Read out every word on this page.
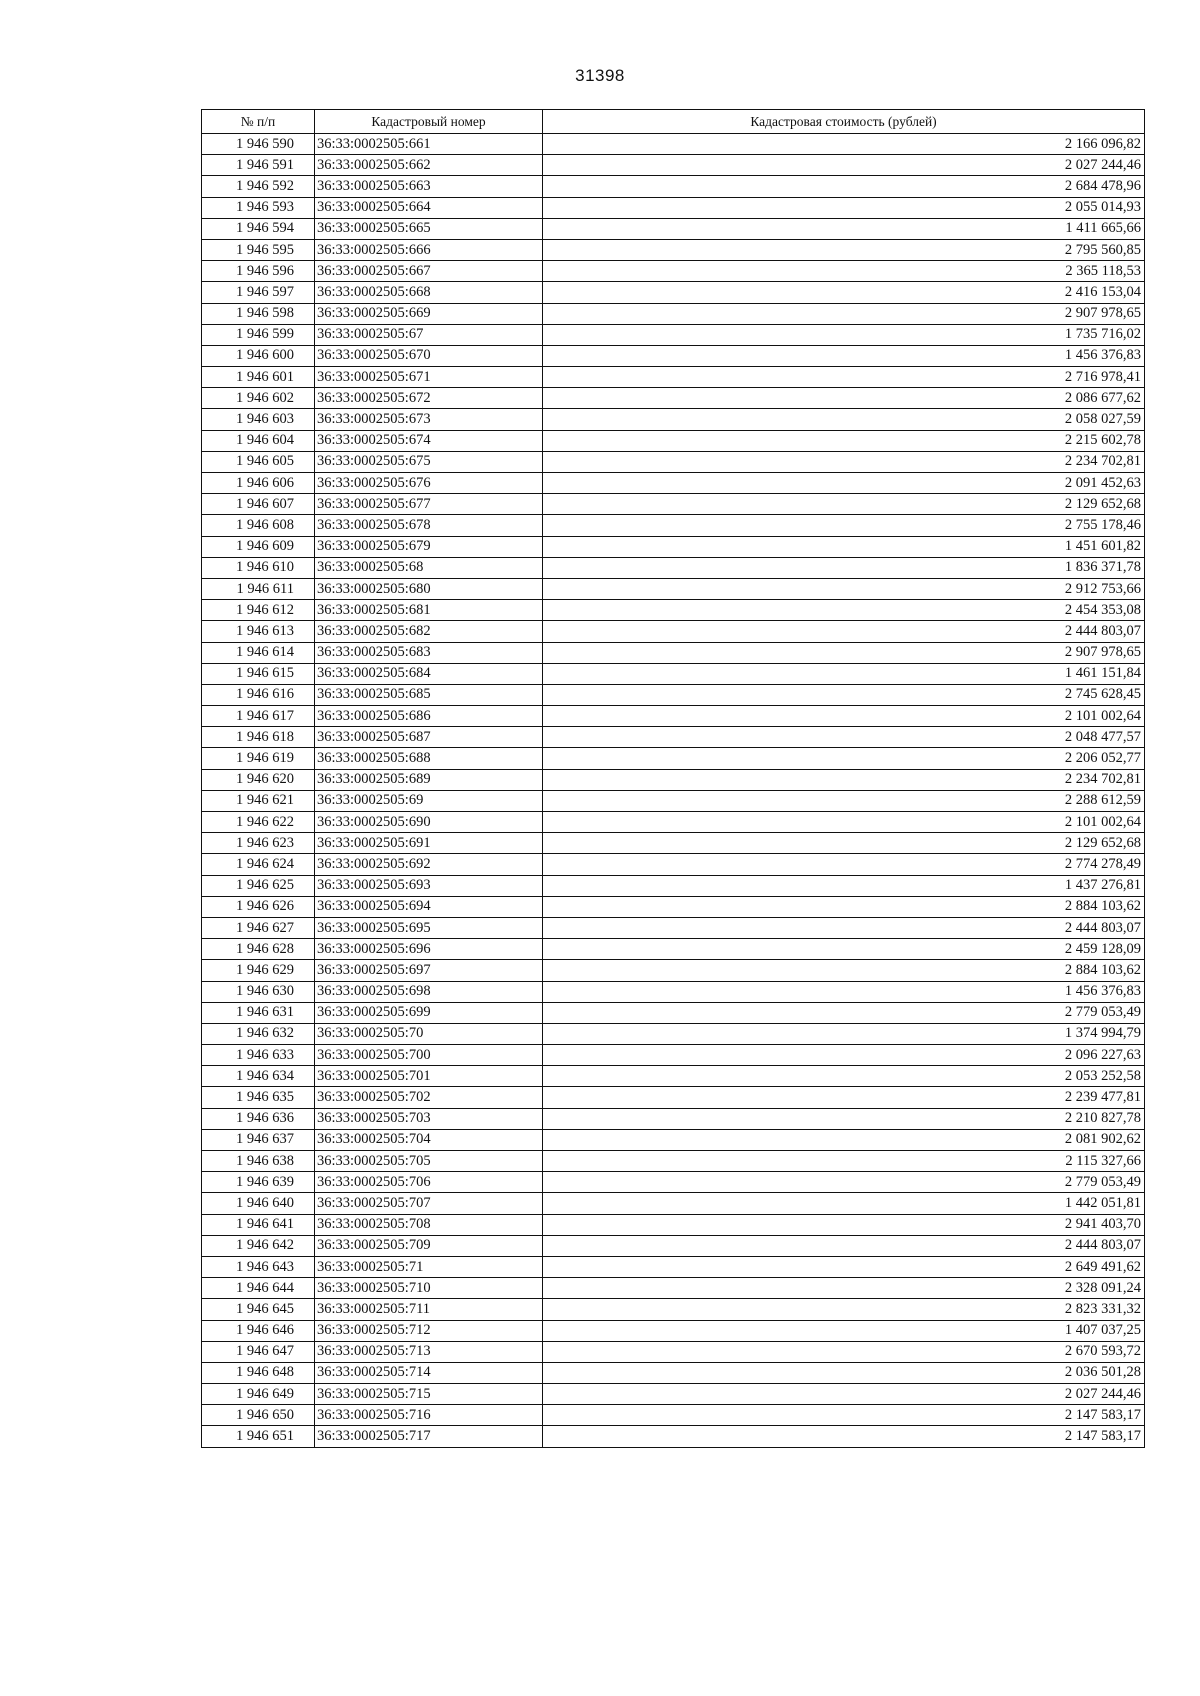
31398
№ п/п	Кадастровый номер	Кадастровая стоимость (рублей)
1 946 590	36:33:0002505:661	2 166 096,82
1 946 591	36:33:0002505:662	2 027 244,46
1 946 592	36:33:0002505:663	2 684 478,96
1 946 593	36:33:0002505:664	2 055 014,93
1 946 594	36:33:0002505:665	1 411 665,66
1 946 595	36:33:0002505:666	2 795 560,85
1 946 596	36:33:0002505:667	2 365 118,53
1 946 597	36:33:0002505:668	2 416 153,04
1 946 598	36:33:0002505:669	2 907 978,65
1 946 599	36:33:0002505:67	1 735 716,02
1 946 600	36:33:0002505:670	1 456 376,83
1 946 601	36:33:0002505:671	2 716 978,41
1 946 602	36:33:0002505:672	2 086 677,62
1 946 603	36:33:0002505:673	2 058 027,59
1 946 604	36:33:0002505:674	2 215 602,78
1 946 605	36:33:0002505:675	2 234 702,81
1 946 606	36:33:0002505:676	2 091 452,63
1 946 607	36:33:0002505:677	2 129 652,68
1 946 608	36:33:0002505:678	2 755 178,46
1 946 609	36:33:0002505:679	1 451 601,82
1 946 610	36:33:0002505:68	1 836 371,78
1 946 611	36:33:0002505:680	2 912 753,66
1 946 612	36:33:0002505:681	2 454 353,08
1 946 613	36:33:0002505:682	2 444 803,07
1 946 614	36:33:0002505:683	2 907 978,65
1 946 615	36:33:0002505:684	1 461 151,84
1 946 616	36:33:0002505:685	2 745 628,45
1 946 617	36:33:0002505:686	2 101 002,64
1 946 618	36:33:0002505:687	2 048 477,57
1 946 619	36:33:0002505:688	2 206 052,77
1 946 620	36:33:0002505:689	2 234 702,81
1 946 621	36:33:0002505:69	2 288 612,59
1 946 622	36:33:0002505:690	2 101 002,64
1 946 623	36:33:0002505:691	2 129 652,68
1 946 624	36:33:0002505:692	2 774 278,49
1 946 625	36:33:0002505:693	1 437 276,81
1 946 626	36:33:0002505:694	2 884 103,62
1 946 627	36:33:0002505:695	2 444 803,07
1 946 628	36:33:0002505:696	2 459 128,09
1 946 629	36:33:0002505:697	2 884 103,62
1 946 630	36:33:0002505:698	1 456 376,83
1 946 631	36:33:0002505:699	2 779 053,49
1 946 632	36:33:0002505:70	1 374 994,79
1 946 633	36:33:0002505:700	2 096 227,63
1 946 634	36:33:0002505:701	2 053 252,58
1 946 635	36:33:0002505:702	2 239 477,81
1 946 636	36:33:0002505:703	2 210 827,78
1 946 637	36:33:0002505:704	2 081 902,62
1 946 638	36:33:0002505:705	2 115 327,66
1 946 639	36:33:0002505:706	2 779 053,49
1 946 640	36:33:0002505:707	1 442 051,81
1 946 641	36:33:0002505:708	2 941 403,70
1 946 642	36:33:0002505:709	2 444 803,07
1 946 643	36:33:0002505:71	2 649 491,62
1 946 644	36:33:0002505:710	2 328 091,24
1 946 645	36:33:0002505:711	2 823 331,32
1 946 646	36:33:0002505:712	1 407 037,25
1 946 647	36:33:0002505:713	2 670 593,72
1 946 648	36:33:0002505:714	2 036 501,28
1 946 649	36:33:0002505:715	2 027 244,46
1 946 650	36:33:0002505:716	2 147 583,17
1 946 651	36:33:0002505:717	2 147 583,17
